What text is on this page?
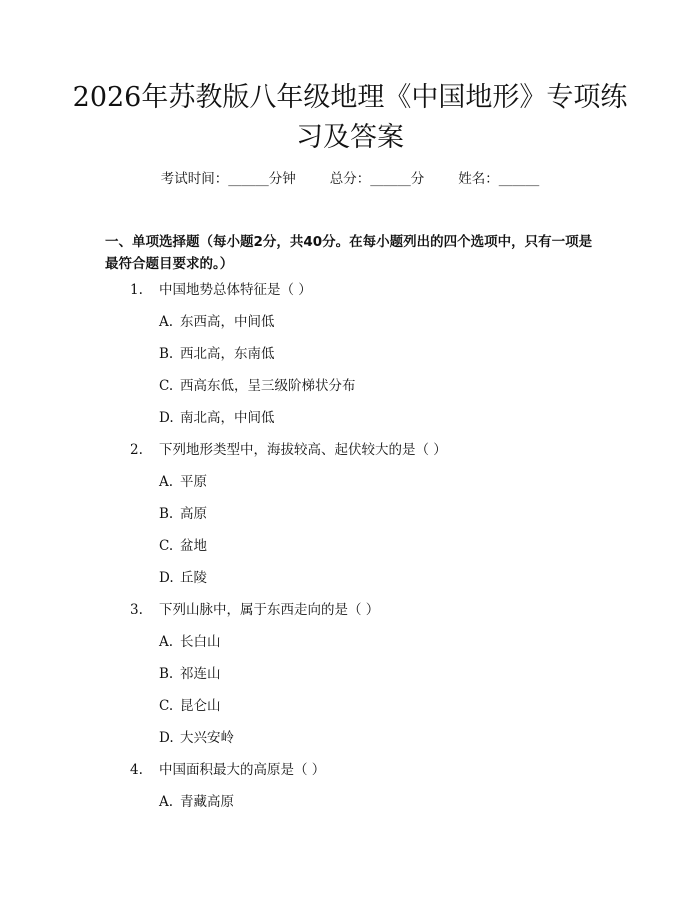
2026年苏教版八年级地理《中国地形》专项练习及答案
考试时间：______分钟	总分：______分	姓名：______

一、单项选择题（每小题2分，共40分。在每小题列出的四个选项中，只有一项是最符合题目要求的。）

1. 中国地势总体特征是（ ）
A. 东西高，中间低
B. 西北高，东南低
C. 西高东低，呈三级阶梯状分布
D. 南北高，中间低
2. 下列地形类型中，海拔较高、起伏较大的是（ ）
A. 平原
B. 高原
C. 盆地
D. 丘陵
3. 下列山脉中，属于东西走向的是（ ）
A. 长白山
B. 祁连山
C. 昆仑山
D. 大兴安岭
4. 中国面积最大的高原是（ ）
A. 青藏高原
